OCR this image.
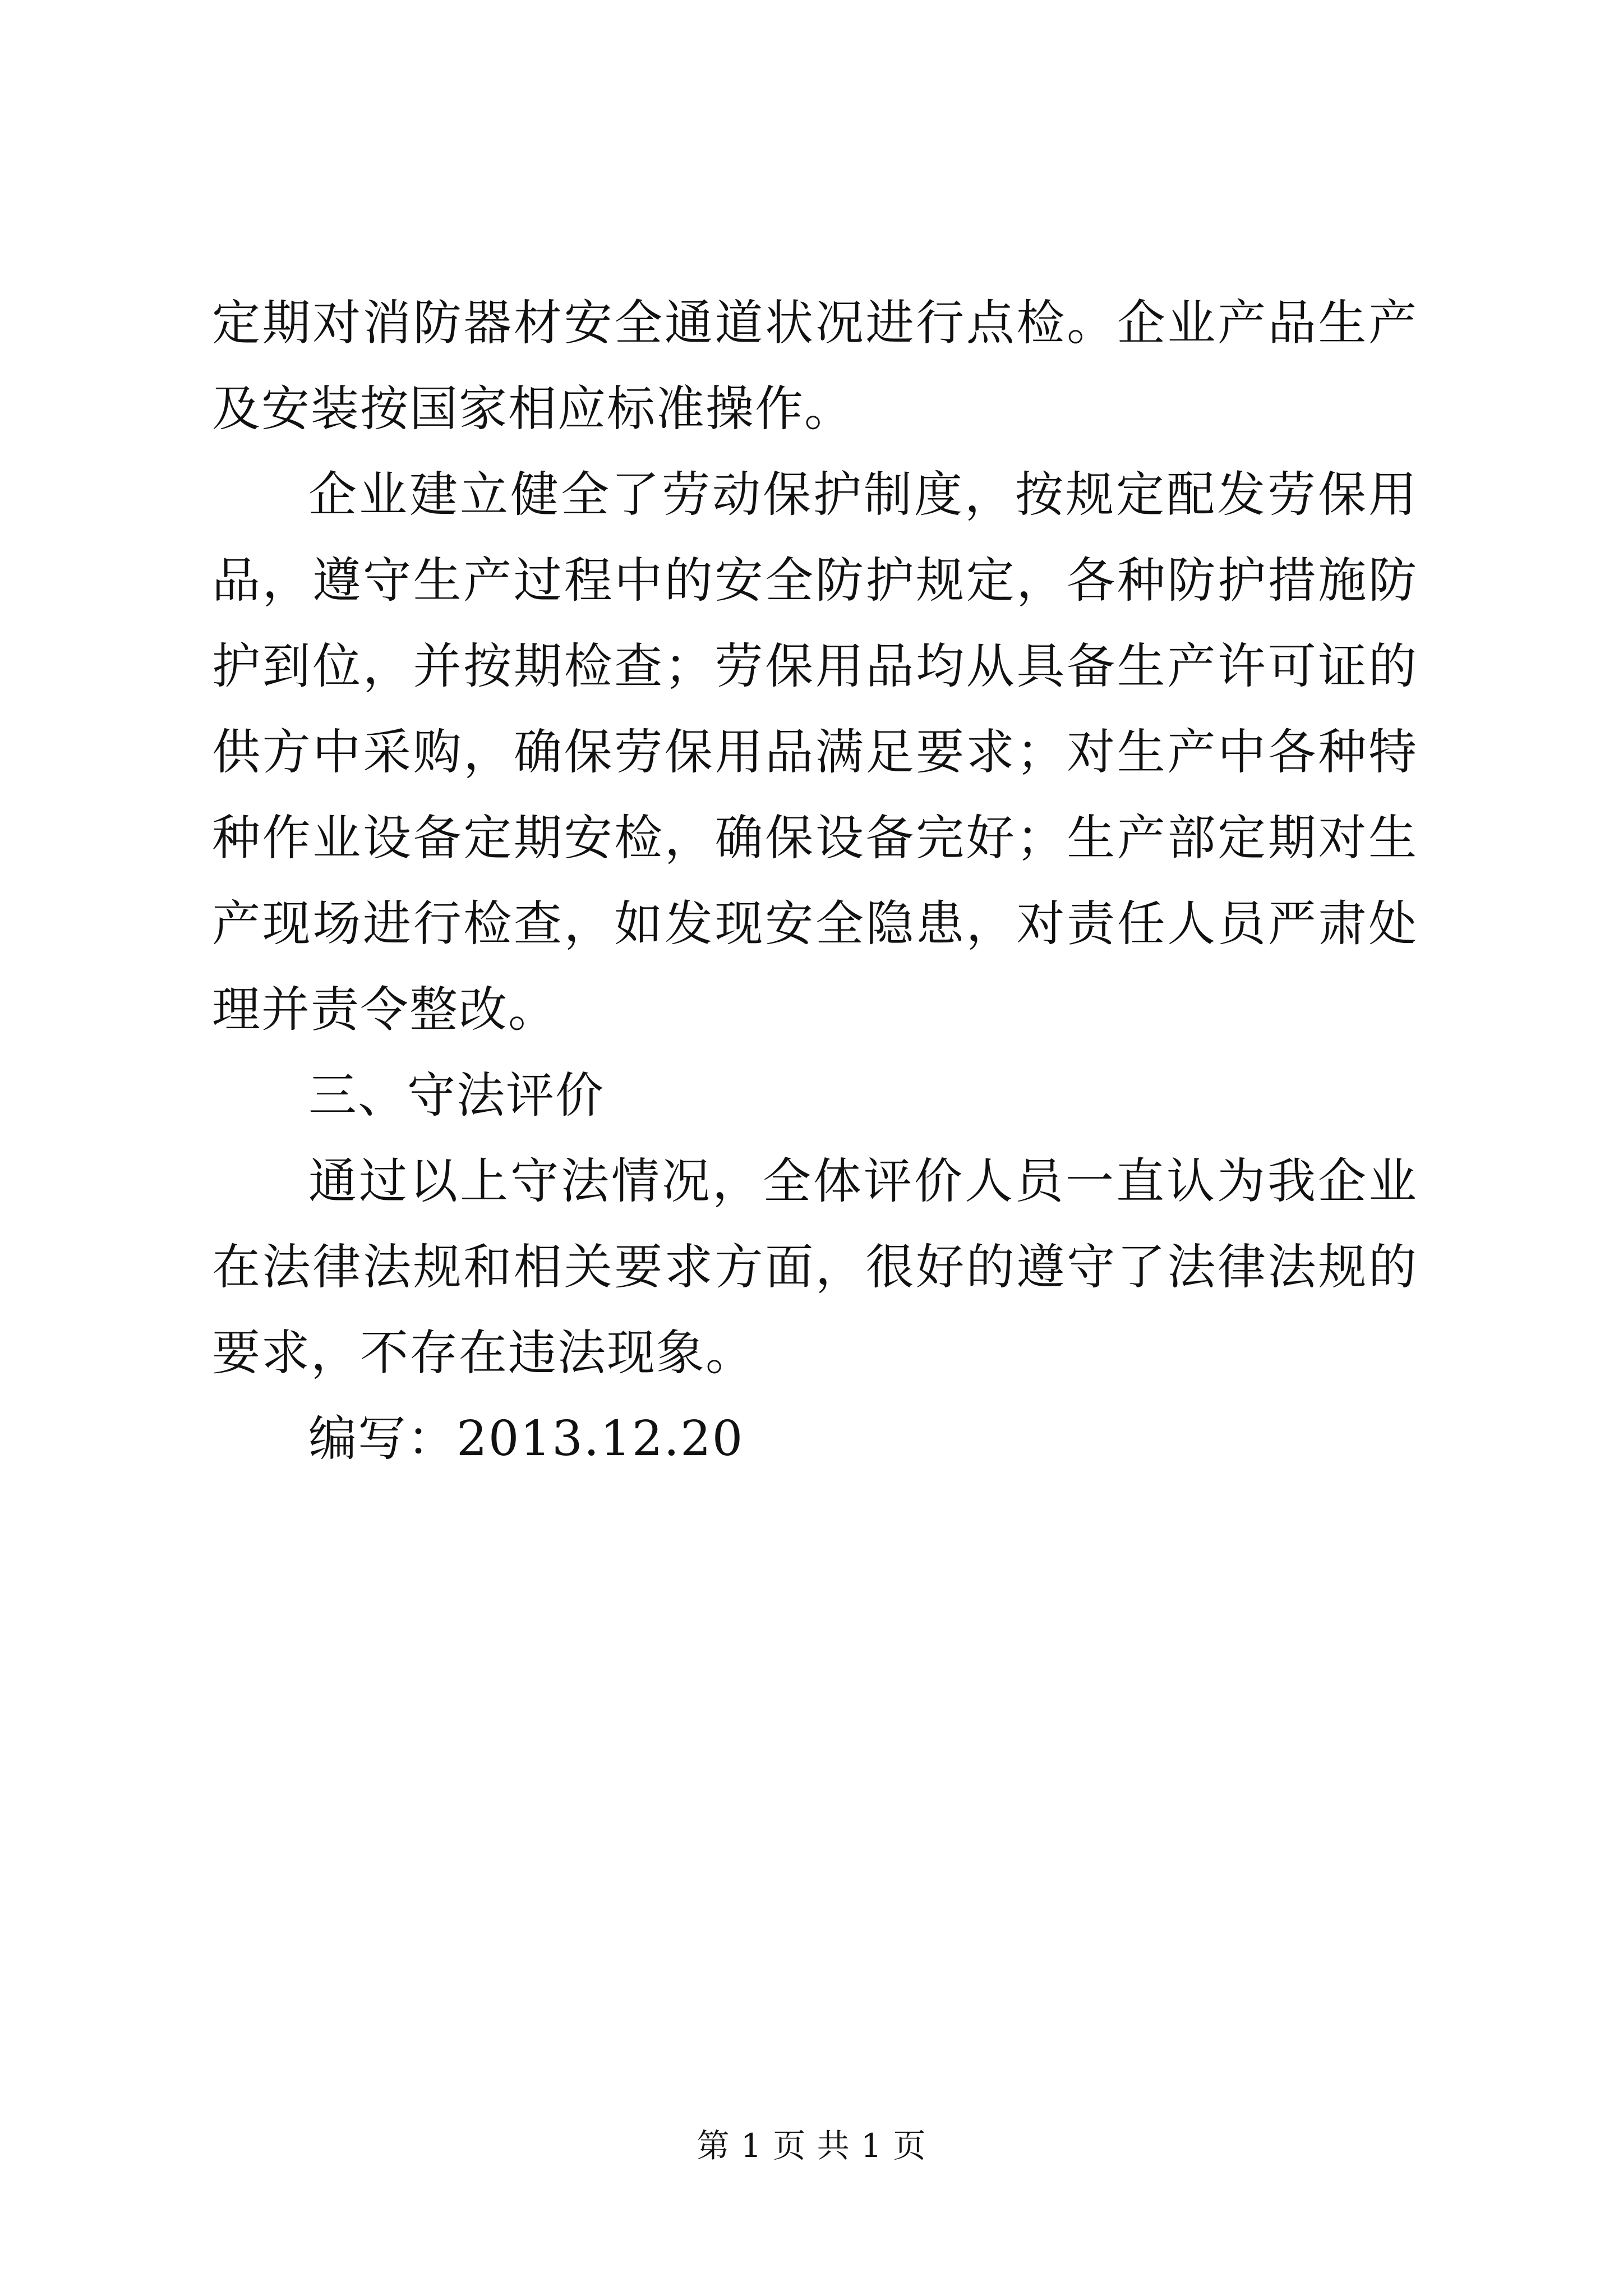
定期对消防器材安全通道状况进行点检。企业产品生产及安装按国家相应标准操作。

企业建立健全了劳动保护制度，按规定配发劳保用品，遵守生产过程中的安全防护规定，各种防护措施防护到位，并按期检查；劳保用品均从具备生产许可证的供方中采购，确保劳保用品满足要求；对生产中各种特种作业设备定期安检，确保设备完好；生产部定期对生产现场进行检查，如发现安全隐患，对责任人员严肃处理并责令整改。

三、守法评价

通过以上守法情况，全体评价人员一直认为我企业在法律法规和相关要求方面，很好的遵守了法律法规的要求，不存在违法现象。

编写：2013.12.20

第 1 页 共 1 页
